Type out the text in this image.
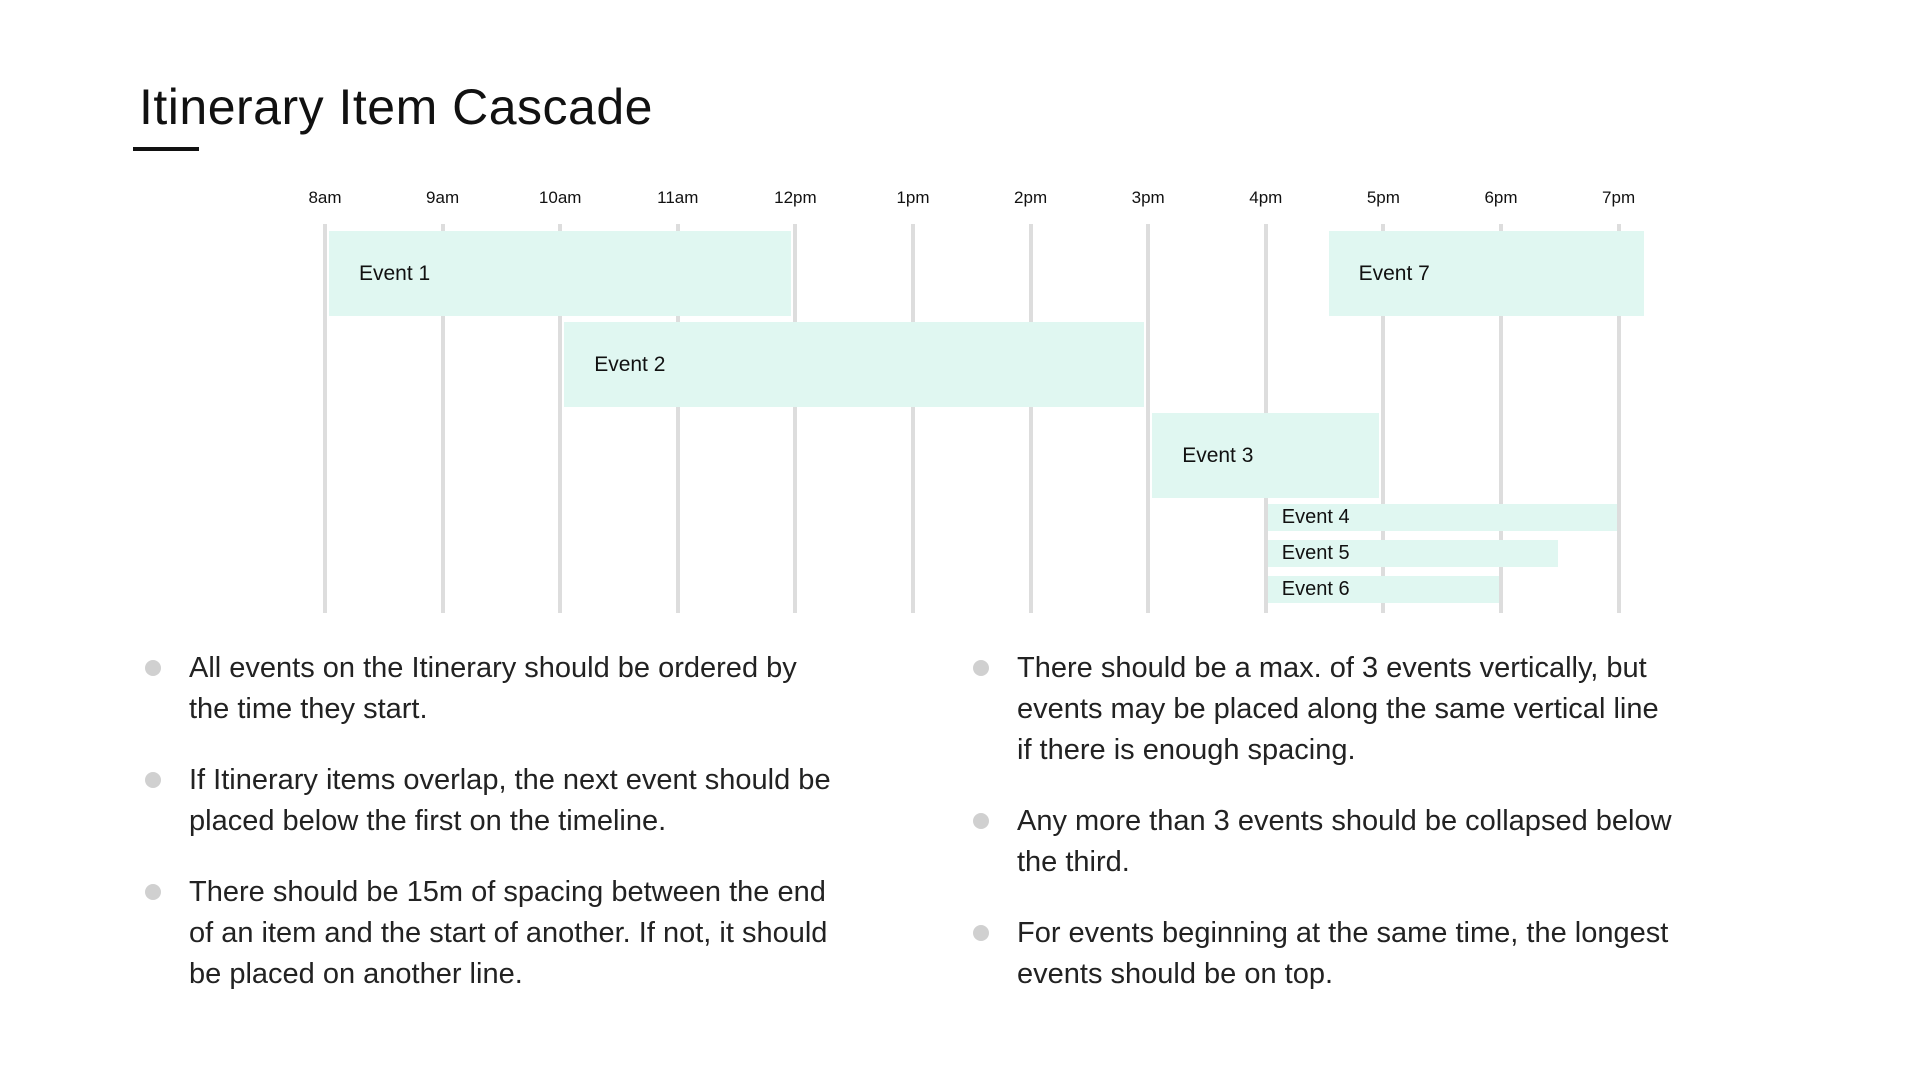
Itinerary Item Cascade
8am	9am	10am	11am	12pm	1pm	2pm	3pm	4pm	5pm	6pm	7pm
Event 1
Event 2
Event 3
Event 4
Event 5
Event 6
Event 7
All events on the Itinerary should be ordered by the time they start.
If Itinerary items overlap, the next event should be placed below the first on the timeline.
There should be 15m of spacing between the end of an item and the start of another. If not, it should be placed on another line.
There should be a max. of 3 events vertically, but events may be placed along the same vertical line if there is enough spacing.
Any more than 3 events should be collapsed below the third.
For events beginning at the same time, the longest events should be on top.
